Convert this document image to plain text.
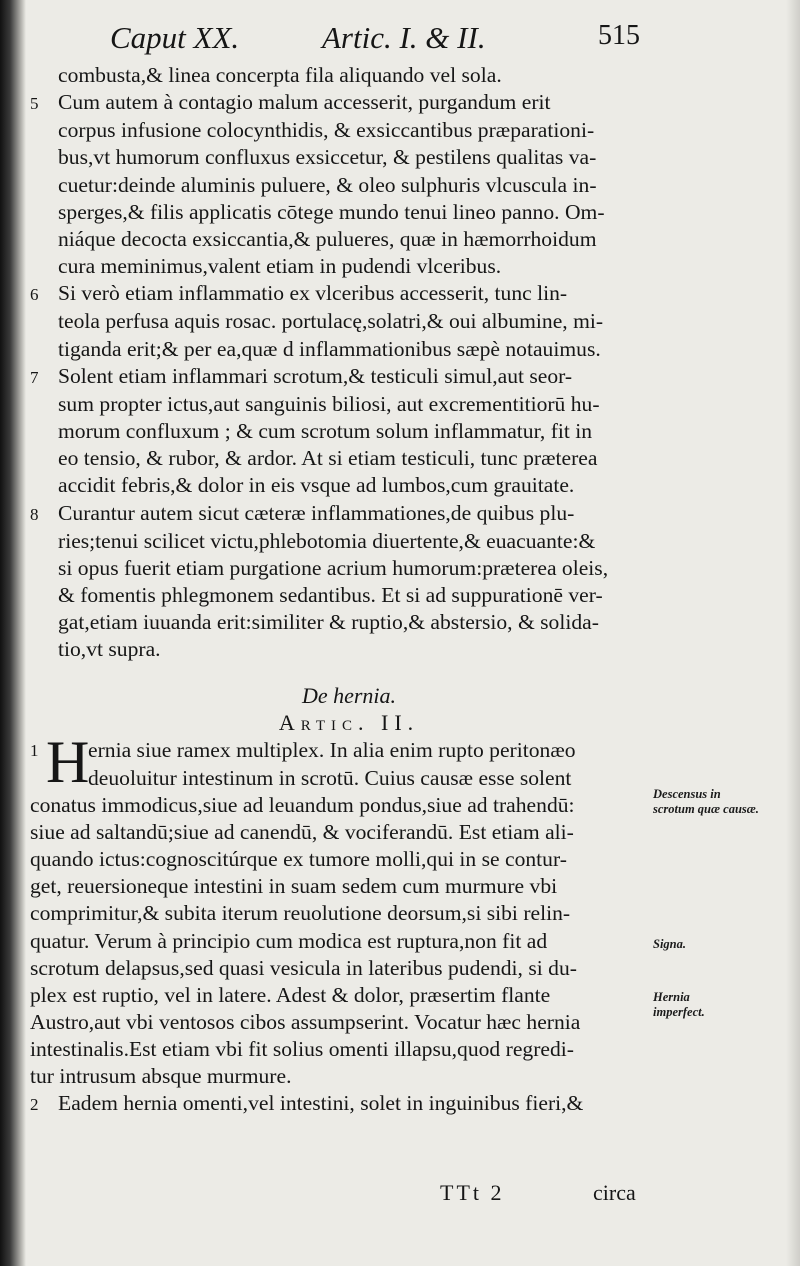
Caput XX.	Artic. I. & II.	515
combusta,& linea concerpta fila aliquando vel sola.
5 Cum autem à contagio malum accesserit, purgandum erit
corpus infusione colocynthidis, & exsiccantibus præparationi-
bus,vt humorum confluxus exsiccetur, & pestilens qualitas va-
cuetur:deinde aluminis puluere, & oleo sulphuris vlcuscula in-
sperges,& filis applicatis cōtege mundo tenui lineo panno. Om-
niáque decocta exsiccantia,& pulueres, quæ in hæmorrhoidum
cura meminimus,valent etiam in pudendi vlceribus.
6 Si verò etiam inflammatio ex vlceribus accesserit, tunc lin-
teola perfusa aquis rosac. portulacę,solatri,& oui albumine, mi-
tiganda erit;& per ea,quæ d inflammationibus sæpè notauimus.
7 Solent etiam inflammari scrotum,& testiculi simul,aut seor-
sum propter ictus,aut sanguinis biliosi, aut excrementitiorū hu-
morum confluxum ; & cum scrotum solum inflammatur, fit in
eo tensio, & rubor, & ardor. At si etiam testiculi, tunc præterea
accidit febris,& dolor in eis vsque ad lumbos,cum grauitate.
8 Curantur autem sicut cæteræ inflammationes,de quibus plu-
ries;tenui scilicet victu,phlebotomia diuertente,& euacuante:&
si opus fuerit etiam purgatione acrium humorum:præterea oleis,
& fomentis phlegmonem sedantibus. Et si ad suppurationē ver-
gat,etiam iuuanda erit:similiter & ruptio,& abstersio, & solida-
tio,vt supra.
De hernia.
Artic. II.
1 H
ernia siue ramex multiplex. In alia enim rupto peritonæo
deuoluitur intestinum in scrotū. Cuius causæ esse solent
conatus immodicus,siue ad leuandum pondus,siue ad trahendū:
siue ad saltandū;siue ad canendū, & vociferandū. Est etiam ali-
quando ictus:cognoscitúrque ex tumore molli,qui in se contur-
get, reuersioneque intestini in suam sedem cum murmure vbi
comprimitur,& subita iterum reuolutione deorsum,si sibi relin-
quatur. Verum à principio cum modica est ruptura,non fit ad
scrotum delapsus,sed quasi vesicula in lateribus pudendi, si du-
plex est ruptio, vel in latere. Adest & dolor, præsertim flante
Austro,aut vbi ventosos cibos assumpserint. Vocatur hæc hernia
intestinalis.Est etiam vbi fit solius omenti illapsu,quod regredi-
tur intrusum absque murmure.
2 Eadem hernia omenti,vel intestini, solet in inguinibus fieri,&
Descensus in scrotum quæ causæ.
Signa.
Hernia imperfect.
TTt 2	circa
